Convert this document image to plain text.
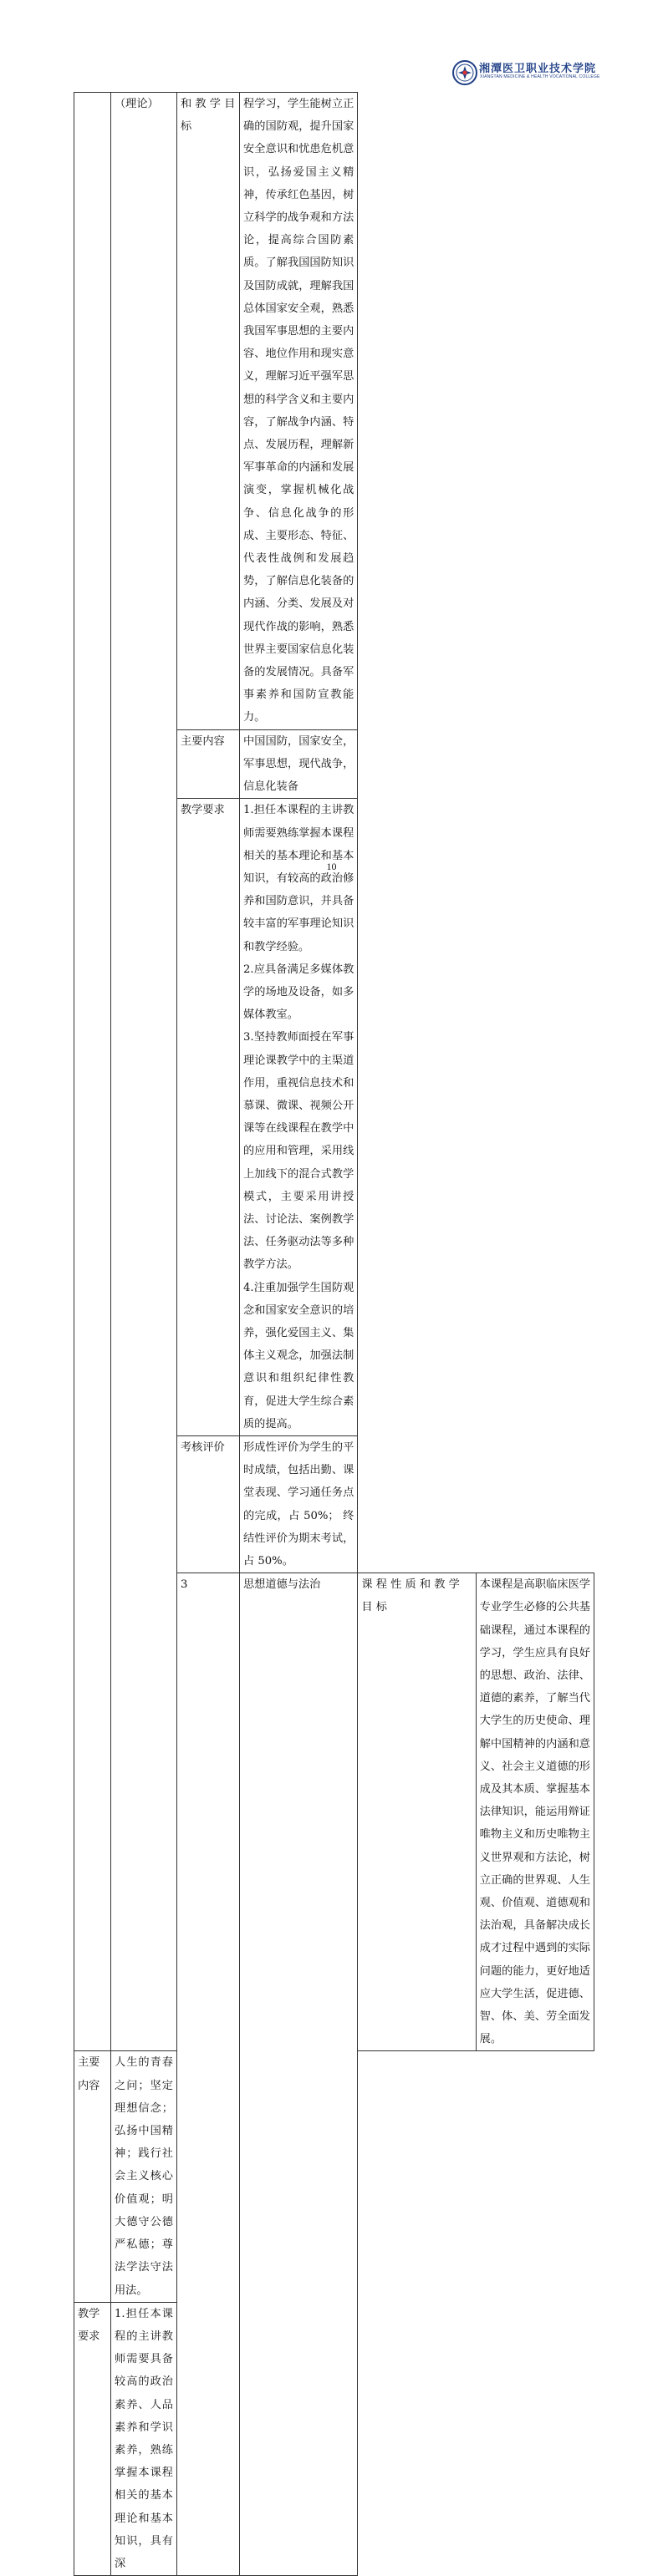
湘潭医卫职业技术学院
XIANGTAN MEDICINE & HEALTH VOCATIONAL COLLEGE
	（理论）	和 教 学 目 标	程学习，学生能树立正确的国防观，提升国家安全意识和忧患危机意识，弘扬爱国主义精神，传承红色基因，树立科学的战争观和方法论，提高综合国防素质。了解我国国防知识及国防成就，理解我国总体国家安全观，熟悉我国军事思想的主要内容、地位作用和现实意义，理解习近平强军思想的科学含义和主要内容，了解战争内涵、特点、发展历程，理解新军事革命的内涵和发展演变，掌握机械化战争、信息化战争的形成、主要形态、特征、代表性战例和发展趋势，了解信息化装备的内涵、分类、发展及对现代作战的影响，熟悉世界主要国家信息化装备的发展情况。具备军事素养和国防宣教能力。		

		主要内容	中国国防，国家安全，军事思想，现代战争，信息化装备		
		教学要求	1.担任本课程的主讲教师需要熟练掌握本课程相关的基本理论和基本知识，有较高的政治修养和国防意识，并具备较丰富的军事理论知识和教学经验。

2.应具备满足多媒体教学的场地及设备，如多媒体教室。

3.坚持教师面授在军事理论课教学中的主渠道作用，重视信息技术和慕课、微课、视频公开课等在线课程在教学中的应用和管理，采用线上加线下的混合式教学模式，主要采用讲授法、讨论法、案例教学法、任务驱动法等多种教学方法。

4.注重加强学生国防观念和国家安全意识的培养，强化爱国主义、集体主义观念，加强法制意识和组织纪律性教育，促进大学生综合素质的提高。		

		考核评价	形成性评价为学生的平时成绩，包括出勤、课堂表现、学习通任务点的完成，占 50%； 终结性评价为期末考试，占 50%。		

		3	思想道德与法治	课 程 性 质 和 教 学 目 标	本课程是高职临床医学专业学生必修的公共基础课程，通过本课程的学习，学生应具有良好的思想、政治、法律、道德的素养，了解当代大学生的历史使命、理解中国精神的内涵和意义、社会主义道德的形成及其本质、掌握基本法律知识，能运用辩证唯物主义和历史唯物主义世界观和方法论，树立正确的世界观、人生观、价值观、道德观和法治观，具备解决成长成才过程中遇到的实际问题的能力，更好地适应大学生活，促进德、智、体、美、劳全面发展。

主要内容	人生的青春之问；坚定理想信念；弘扬中国精神；践行社会主义核心价值观；明大德守公德严私德；尊法学法守法用法。				

教学要求	1.担任本课程的主讲教师需要具备较高的政治素养、人品素养和学识素养，熟练掌握本课程相关的基本理论和基本知识，具有深				

10
